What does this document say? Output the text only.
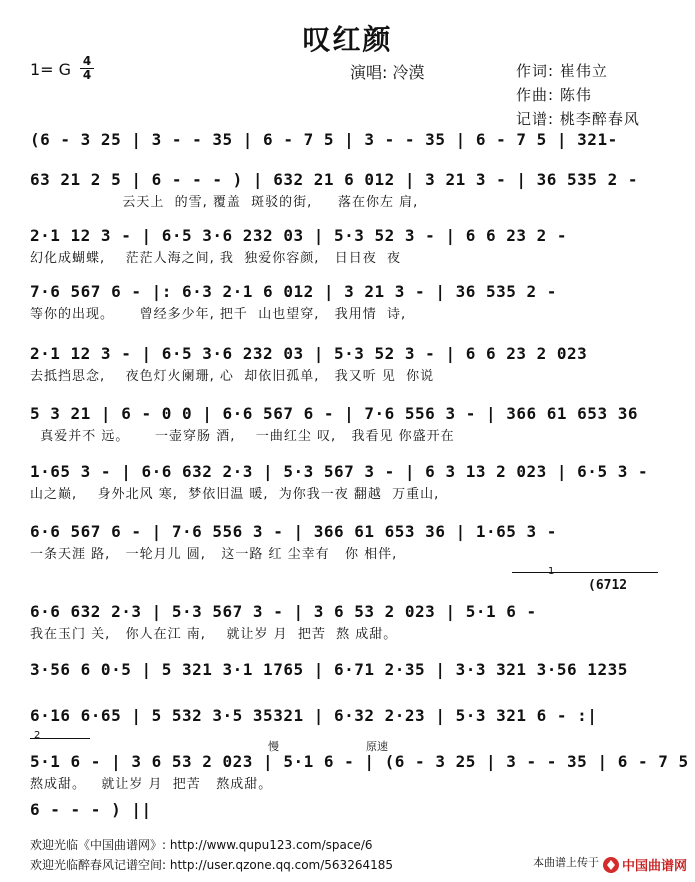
叹红颜
1= G 4
4	演唱: 冷漠	作词: 崔伟立
作曲: 陈伟
记谱: 桃李醉春风
(6 - 3 25 | 3 - - 35 | 6 - 7 5 | 3 - - 35 | 6 - 7 5 | 321-
63 21 2 5 | 6 - - - ) | 632 21 6 012 | 3 21 3 - | 36 535 2 -
云天上  的雪, 覆盖  斑驳的街,     落在你左 肩,
2·1 12 3 - | 6·5 3·6 232 03 | 5·3 52 3 - | 6 6 23 2 -
幻化成蝴蝶,    茫茫人海之间, 我  独爱你容颜,   日日夜  夜
7·6 567 6 - |: 6·3 2·1 6 012 | 3 21 3 - | 36 535 2 -
等你的出现。     曾经多少年, 把千  山也望穿,   我用情  诗,
2·1 12 3 - | 6·5 3·6 232 03 | 5·3 52 3 - | 6 6 23 2 023
去抵挡思念,    夜色灯火阑珊, 心  却依旧孤单,   我又听 见  你说
5 3 21 | 6 - 0 0 | 6·6 567 6 - | 7·6 556 3 - | 366 61 653 36
真爱并不 远。     一壶穿肠 酒,    一曲红尘 叹,   我看见 你盛开在
1·65 3 - | 6·6 632 2·3 | 5·3 567 3 - | 6 3 13 2 023 | 6·5 3 -
山之巅,    身外北风 寒,  梦依旧温 暖,  为你我一夜 翻越  万重山,
6·6 567 6 - | 7·6 556 3 - | 366 61 653 36 | 1·65 3 -
一条天涯 路,   一轮月儿 圆,   这一路 红 尘幸有   你 相伴,
1
(6712
6·6 632 2·3 | 5·3 567 3 - | 3 6 53 2 023 | 5·1 6 -
我在玉门 关,   你人在江 南,    就让岁 月  把苦  熬 成甜。
3·56 6 0·5 | 5 321 3·1 1765 | 6·71 2·35 | 3·3 321 3·56 1235
6·16 6·65 | 5 532 3·5 35321 | 6·32 2·23 | 5·3 321 6 - :|
2
慢	原速
5·1 6 - | 3 6 53 2 023 | 5·1 6 - | (6 - 3 25 | 3 - - 35 | 6 - 7 5
熬成甜。   就让岁 月  把苦   熬成甜。
6 - - - ) ||
欢迎光临《中国曲谱网》: http://www.qupu123.com/space/6
欢迎光临醉春风记谱空间: http://user.qzone.qq.com/563264185	本曲谱上传于 中国曲谱网
